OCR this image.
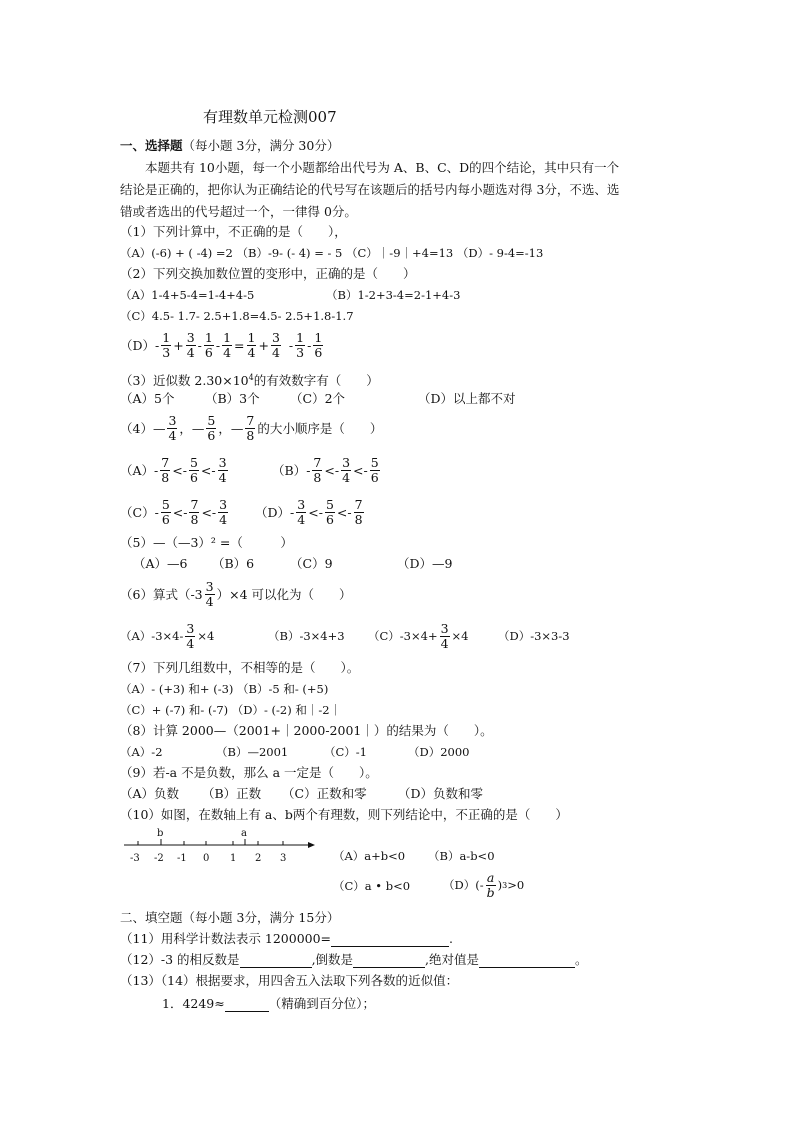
有理数单元检测007
一、选择题（每小题 3分，满分 30分）
本题共有 10小题，每一个小题都给出代号为 A、B、C、D的四个结论，其中只有一个
结论是正确的，把你认为正确结论的代号写在该题后的括号内每小题选对得 3分，不选、选
错或者选出的代号超过一个，一律得 0分。
（1）下列计算中，不正确的是（　　），
（A）(-6) + ( -4) =2 （B）-9- (- 4) = - 5 （C）｜-9｜+4=13 （D）- 9-4=-13
（2）下列交换加数位置的变形中，正确的是（　　）
（A）1-4+5-4=1-4+4-5	（B）1-2+3-4=2-1+4-3
（C）4.5- 1.7- 2.5+1.8=4.5- 2.5+1.8-1.7
$(D) - \frac{1}{3} + \frac{3}{4} - \frac{1}{6} - \frac{1}{4} = \frac{1}{4} + \frac{3}{4} - \frac{1}{3} - \frac{1}{6}$
（3）近似数 $2.30\times 10^4$的有效数字有（　　）
（A）5个 （B）3个 （C）2个	（D）以上都不对
（4） — $\frac{3}{4}$ ， — $\frac{5}{6}$ ， — $\frac{7}{8}$ 的大小顺序是（　　）
$(A) - \frac{7}{8}$ < - $\frac{5}{6}$ < - $\frac{3}{4}$	$(B) - \frac{7}{8}$ < - $\frac{3}{4}$ < - $\frac{5}{6}$
$(C) - \frac{5}{6}$ < - $\frac{7}{8}$ < - $\frac{3}{4} (D) - \frac{3}{4}$ < - $\frac{5}{6}$ < - $\frac{7}{8}$
（5）—（—3）² =（　　　）
（A）—6 （B）6	（C）9	（D）—9
（6）算式$(-3 \frac{3}{4} )\times 4$ 可以化为（　　）
$(A)-3\times 4- \frac{3}{4} \times 4$	（B）-3×4+3 $(C)-3\times 4+ \frac{3}{4} \times 4$	（D）-3×3-3
（7）下列几组数中，不相等的是（　　）。
（A）- (+3) 和+ (-3) （B）-5 和- (+5)
（C）+ (-7) 和- (-7) （D）- (-2) 和｜-2｜
（8）计算 2000—（2001+｜2000-2001｜）的结果为（　　）。
（A）-2	（B）—2001	（C）-1	（D）2000
（9）若-a 不是负数，那么 a 一定是（　　）。
（A）负数 （B）正数 （C）正数和零	（D）负数和零
（10）如图，在数轴上有 a、b两个有理数，则下列结论中，不正确的是（　　）
b	a
-3 -2 -1 0 1 2 3	（A）a+b<0 （B）a-b<0
（C）a • b<0	$(D)(- \frac{a}{b}$ ) 3 >0
二、填空题（每小题 3分，满分 15分）
（11）用科学计数法表示 1200000=	.
（12）-3 的相反数是	,倒数是	,绝对值是	。
（13）（14）根据要求，用四舍五入法取下列各数的近似值：
1．4249≈	（精确到百分位）；
